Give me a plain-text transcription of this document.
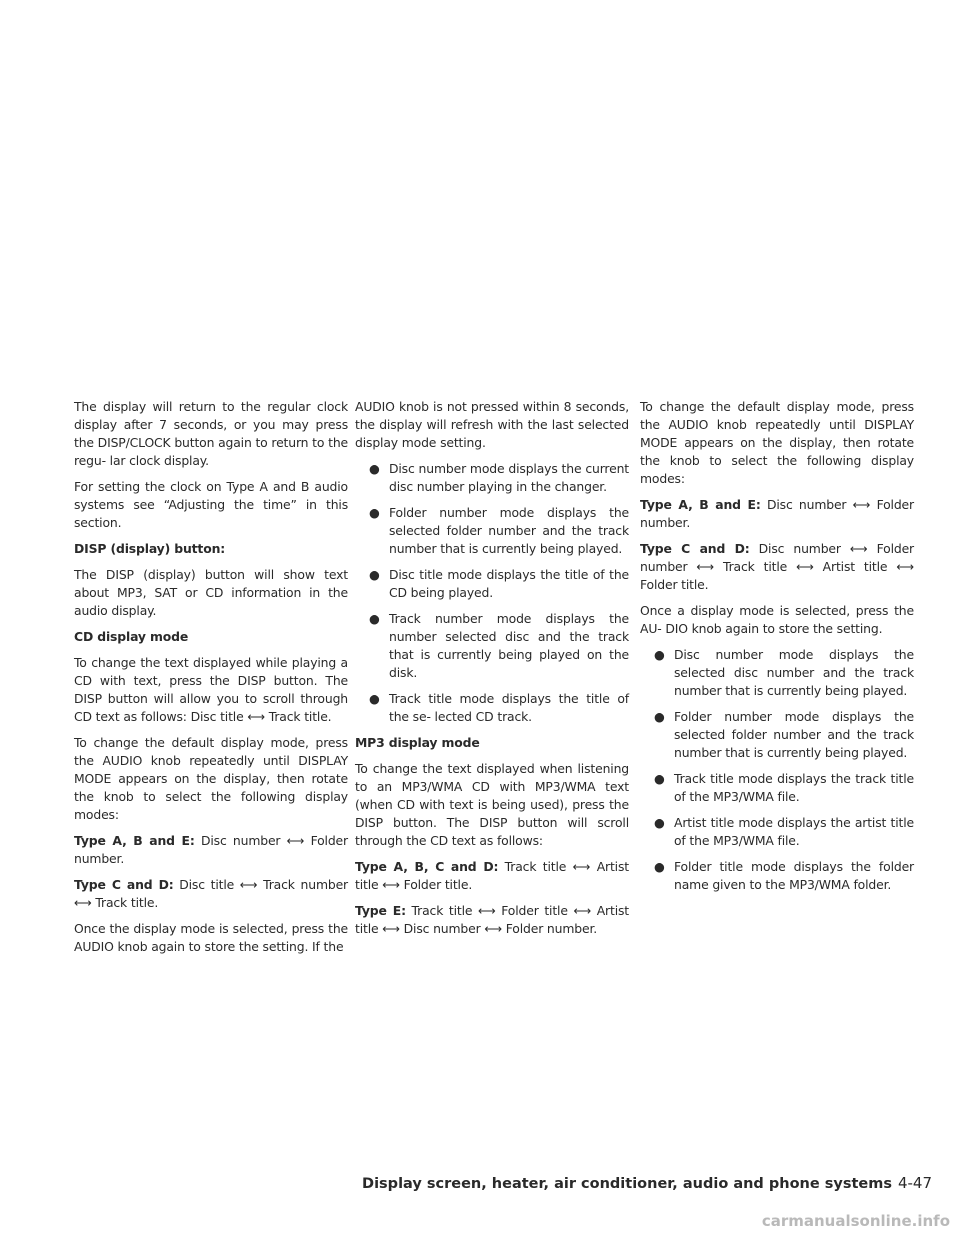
The display will return to the regular clock display after 7 seconds, or you may press the DISP/CLOCK button again to return to the regu- lar clock display.

For setting the clock on Type A and B audio systems see “Adjusting the time” in this section.

DISP (display) button:

The DISP (display) button will show text about MP3, SAT or CD information in the audio display.

CD display mode

To change the text displayed while playing a CD with text, press the DISP button. The DISP button will allow you to scroll through CD text as follows: Disc title ⟷ Track title.

To change the default display mode, press the AUDIO knob repeatedly until DISPLAY MODE appears on the display, then rotate the knob to select the following display modes:

Type A, B and E: Disc number ⟷ Folder number.

Type C and D: Disc title ⟷ Track number ⟷ Track title.

Once the display mode is selected, press the AUDIO knob again to store the setting. If the

AUDIO knob is not pressed within 8 seconds, the display will refresh with the last selected display mode setting.

● Disc number mode displays the current disc number playing in the changer.
● Folder number mode displays the selected folder number and the track number that is currently being played.
● Disc title mode displays the title of the CD being played.
● Track number mode displays the number selected disc and the track that is currently being played on the disk.
● Track title mode displays the title of the se- lected CD track.

MP3 display mode

To change the text displayed when listening to an MP3/WMA CD with MP3/WMA text (when CD with text is being used), press the DISP button. The DISP button will scroll through the CD text as follows:

Type A, B, C and D: Track title ⟷ Artist title ⟷ Folder title.

Type E: Track title ⟷ Folder title ⟷ Artist title ⟷ Disc number ⟷ Folder number.

To change the default display mode, press the AUDIO knob repeatedly until DISPLAY MODE appears on the display, then rotate the knob to select the following display modes:

Type A, B and E: Disc number ⟷ Folder number.

Type C and D: Disc number ⟷ Folder number ⟷ Track title ⟷ Artist title ⟷ Folder title.

Once a display mode is selected, press the AU- DIO knob again to store the setting.

● Disc number mode displays the selected disc number and the track number that is currently being played.
● Folder number mode displays the selected folder number and the track number that is currently being played.
● Track title mode displays the track title of the MP3/WMA file.
● Artist title mode displays the artist title of the MP3/WMA file.
● Folder title mode displays the folder name given to the MP3/WMA folder.
Display screen, heater, air conditioner, audio and phone systems 4-47
carmanualsonline.info
